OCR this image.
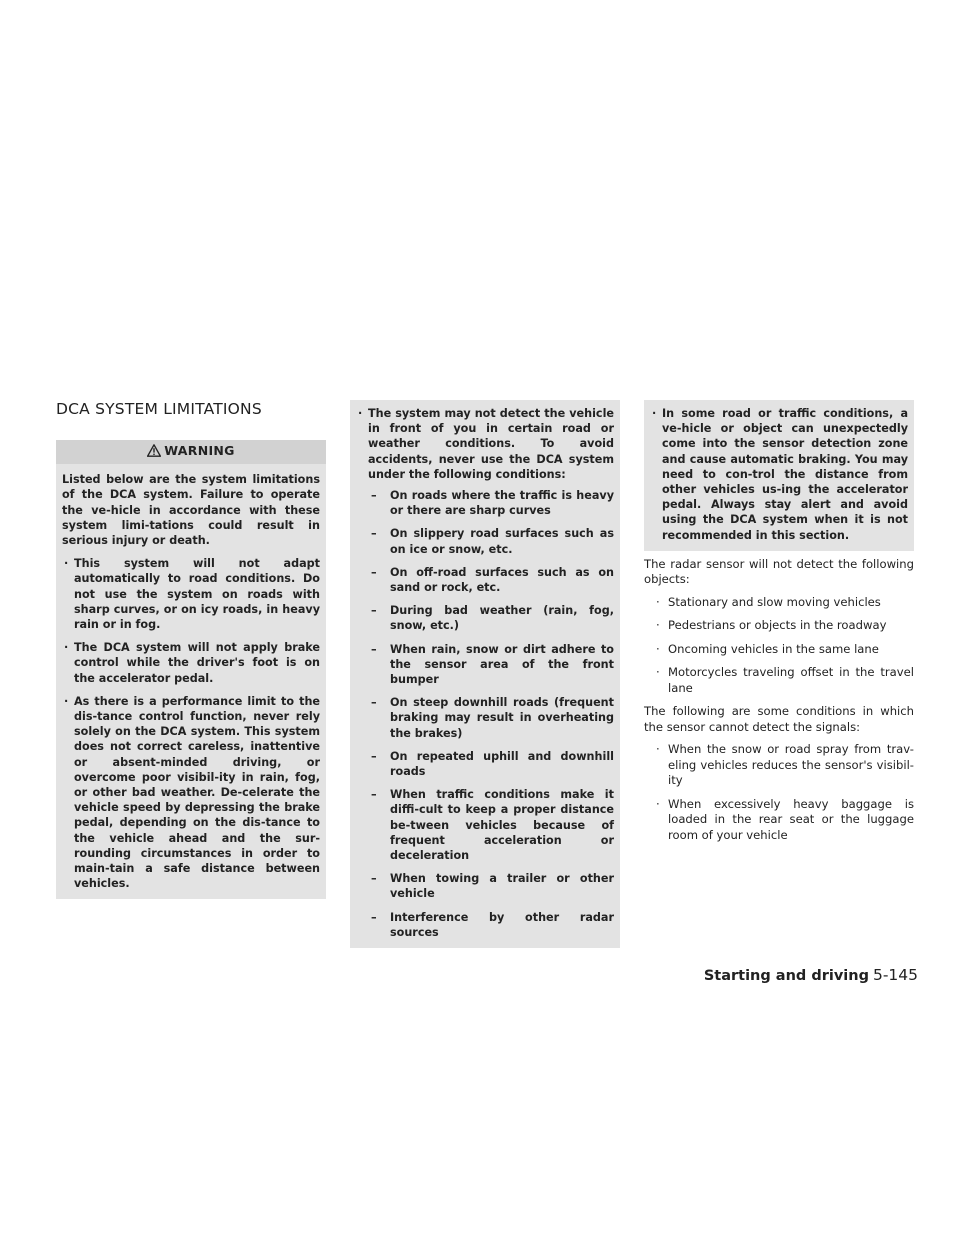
DCA SYSTEM LIMITATIONS
WARNING

Listed below are the system limitations of the DCA system. Failure to operate the ve-hicle in accordance with these system limi-tations could result in serious injury or death.

· This system will not adapt automatically to road conditions. Do not use the system on roads with sharp curves, or on icy roads, in heavy rain or in fog.
· The DCA system will not apply brake control while the driver's foot is on the accelerator pedal.
· As there is a performance limit to the dis-tance control function, never rely solely on the DCA system. This system does not correct careless, inattentive or absent-minded driving, or overcome poor visibil-ity in rain, fog, or other bad weather. De-celerate the vehicle speed by depressing the brake pedal, depending on the dis-tance to the vehicle ahead and the sur-rounding circumstances in order to main-tain a safe distance between vehicles.
· The system may not detect the vehicle in front of you in certain road or weather conditions. To avoid accidents, never use the DCA system under the following conditions:
– On roads where the traffic is heavy or there are sharp curves
– On slippery road surfaces such as on ice or snow, etc.
– On off-road surfaces such as on sand or rock, etc.
– During bad weather (rain, fog, snow, etc.)
– When rain, snow or dirt adhere to the sensor area of the front bumper
– On steep downhill roads (frequent braking may result in overheating the brakes)
– On repeated uphill and downhill roads
– When traffic conditions make it diffi-cult to keep a proper distance be-tween vehicles because of frequent acceleration or deceleration
– When towing a trailer or other vehicle
– Interference by other radar sources
· In some road or traffic conditions, a ve-hicle or object can unexpectedly come into the sensor detection zone and cause automatic braking. You may need to con-trol the distance from other vehicles us-ing the accelerator pedal. Always stay alert and avoid using the DCA system when it is not recommended in this section.

The radar sensor will not detect the following objects:

· Stationary and slow moving vehicles
· Pedestrians or objects in the roadway
· Oncoming vehicles in the same lane
· Motorcycles traveling offset in the travel lane

The following are some conditions in which the sensor cannot detect the signals:

· When the snow or road spray from trav-eling vehicles reduces the sensor's visibil-ity
· When excessively heavy baggage is loaded in the rear seat or the luggage room of your vehicle
Starting and driving 5-145
